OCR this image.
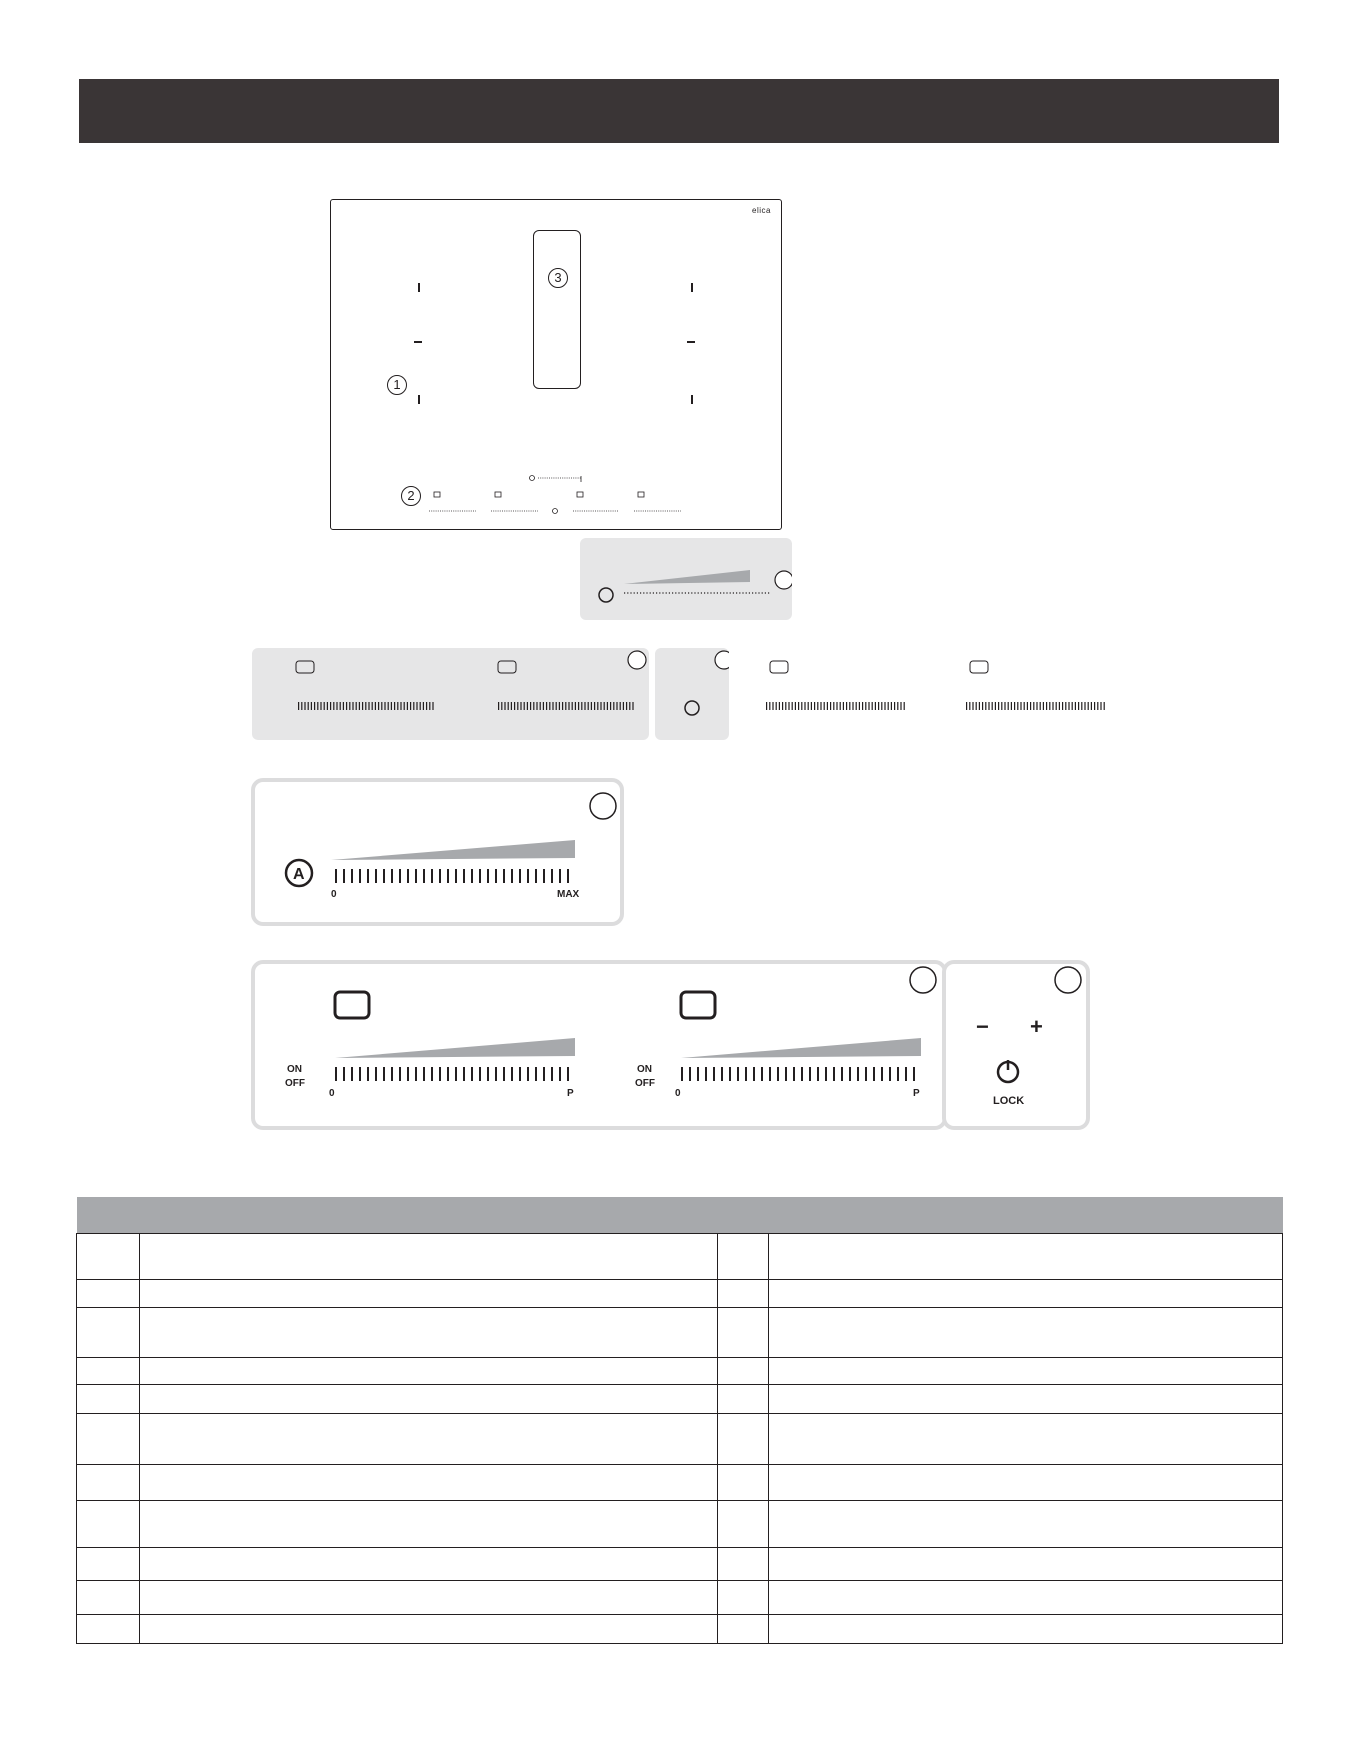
elica
3
1
2
A
0	MAX
ON
OFF
ON
OFF
0	P	0	P
− +
LOCK
